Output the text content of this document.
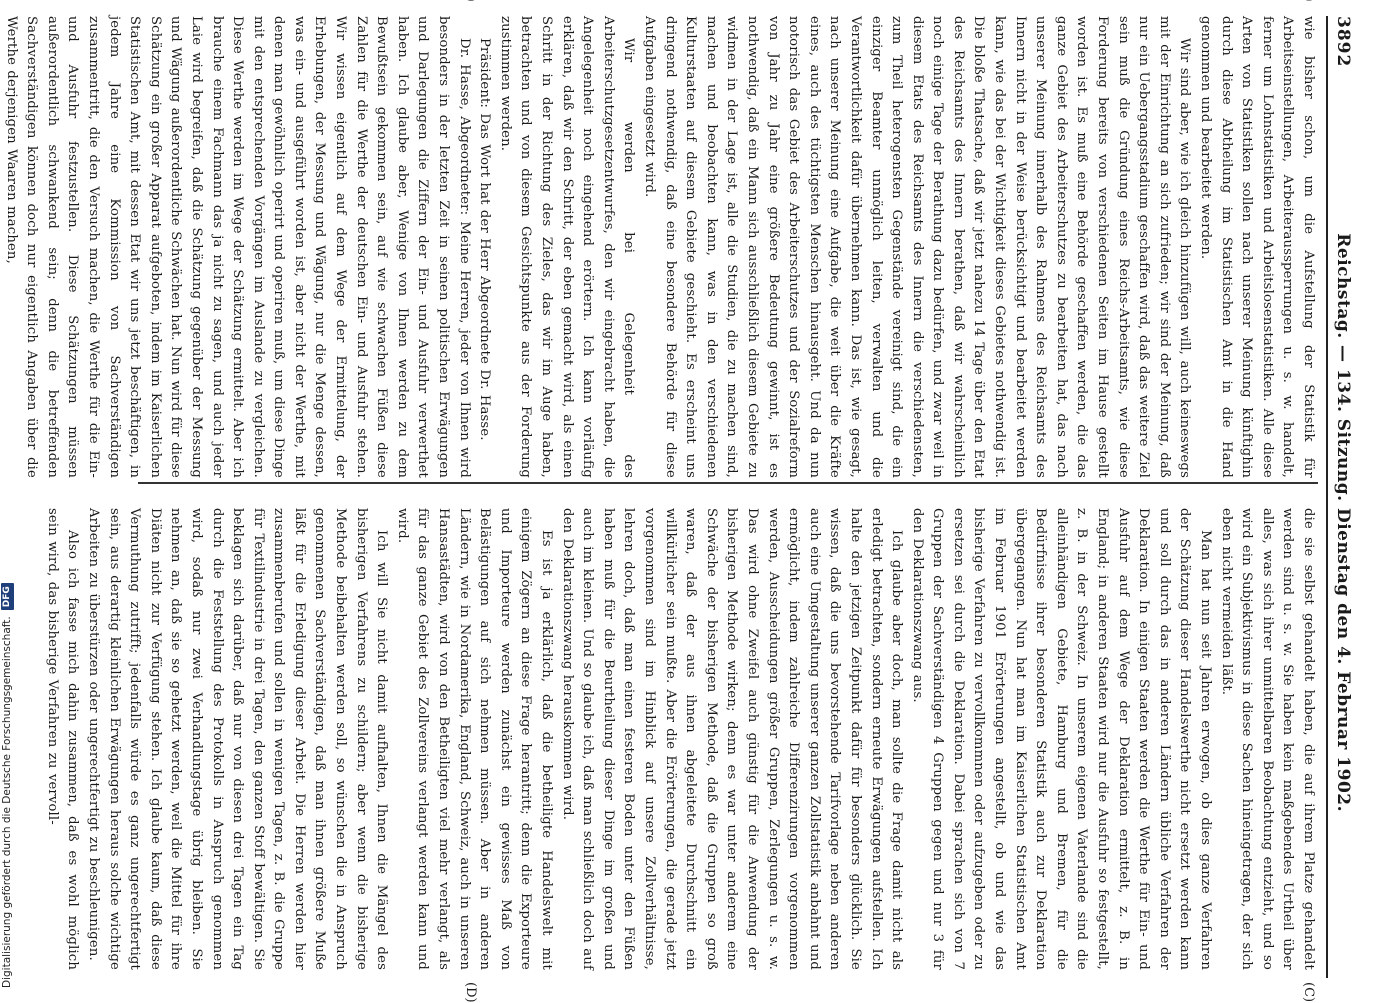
3892
Reichstag. — 134. Sitzung. Dienstag den 4. Februar 1902.
(C)
(D)

wie bisher schon, um die Aufstellung der Statistik für Arbeitseinstellungen, Arbeiteraussperrungen u. s. w. handelt, ferner um Lohnstatistiken und Arbeitslosenstatistiken. Alle diese Arten von Statistiken sollen nach unserer Meinung künftighin durch diese Abtheilung im Statistischen Amt in die Hand genommen und bearbeitet werden.

Wir sind aber, wie ich gleich hinzufügen will, auch keineswegs mit der Einrichtung an sich zufrieden; wir sind der Meinung, daß nur ein Uebergangsstadium geschaffen wird, daß das weitere Ziel sein muß die Gründung eines Reichs-Arbeitsamts, wie diese Forderung bereits von verschiedenen Seiten im Hause gestellt worden ist. Es muß eine Behörde geschaffen werden, die das ganze Gebiet des Arbeiterschutzes zu bearbeiten hat, das nach unserer Meinung innerhalb des Rahmens des Reichsamts des Innern nicht in der Weise berücksichtigt und bearbeitet werden kann, wie das bei der Wichtigkeit dieses Gebietes nothwendig ist. Die bloße Thatsache, daß wir jetzt nahezu 14 Tage über den Etat des Reichsamts des Innern berathen, daß wir wahrscheinlich noch einige Tage der Berathung dazu bedürfen, und zwar weil in diesem Etats des Reichsamts des Innern die verschiedensten, zum Theil heterogensten Gegenstände vereinigt sind, die ein einziger Beamter unmöglich leiten, verwalten und die Verantwortlichkeit dafür übernehmen kann. Das ist, wie gesagt, nach unserer Meinung eine Aufgabe, die weit über die Kräfte eines, auch des tüchtigsten Menschen hinausgeht. Und da nun notorisch das Gebiet des Arbeiterschutzes und der Sozialreform von Jahr zu Jahr eine größere Bedeutung gewinnt, ist es nothwendig, daß ein Mann sich ausschließlich diesem Gebiete zu widmen in der Lage ist, alle die Studien, die zu machen sind, machen und beobachten kann, was in den verschiedenen Kulturstaaten auf diesem Gebiete geschieht. Es erscheint uns dringend nothwendig, daß eine besondere Behörde für diese Aufgaben eingesetzt wird.

Wir werden bei Gelegenheit des Arbeiterschutzgesetzentwurfes, den wir eingebracht haben, die Angelegenheit noch eingehend erörtern. Ich kann vorläufig erklären, daß wir den Schritt, der eben gemacht wird, als einen Schritt in der Richtung des Zieles, das wir im Auge haben, betrachten und von diesem Gesichtspunkte aus der Forderung zustimmen werden.

Präsident: Das Wort hat der Herr Abgeordnete Dr. Hasse.

Dr. Hasse, Abgeordneter: Meine Herren, jeder von Ihnen wird besonders in der letzten Zeit in seinen politischen Erwägungen und Darlegungen die Ziffern der Ein- und Ausfuhr verwerthet haben. Ich glaube aber, Wenige von Ihnen werden zu dem Bewußtsein gekommen sein, auf wie schwachen Füßen diese Zahlen für die Werthe der deutschen Ein- und Ausfuhr stehen. Wir wissen eigentlich auf dem Wege der Ermittelung, der Erhebungen, der Messung und Wägung, nur die Menge dessen, was ein- und ausgeführt worden ist, aber nicht der Werthe, mit denen man gewöhnlich operirt und operiren muß, um diese Dinge mit den entsprechenden Vorgängen im Auslande zu vergleichen. Diese Werthe werden im Wege der Schätzung ermittelt. Aber ich brauche einem Fachmann das ja nicht zu sagen, und auch jeder Laie wird begreifen, daß die Schätzung gegenüber der Messung und Wägung außerordentliche Schwächen hat. Nun wird für diese Schätzung ein großer Apparat aufgeboten, indem im Kaiserlichen Statistischen Amt, mit dessen Etat wir uns jetzt beschäftigen, in jedem Jahre eine Kommission von Sachverständigen zusammentritt, die den Versuch machen, die Werthe für die Ein- und Ausfuhr festzustellen. Diese Schätzungen müssen außerordentlich schwankend sein; denn die betreffenden Sachverständigen können doch nur eigentlich Angaben über die Werthe derjenigen Waaren machen,

die sie selbst gehandelt haben, die auf ihrem Platze gehandelt werden sind u. s. w. Sie haben kein maßgebendes Urtheil über alles, was sich ihrer unmittelbaren Beobachtung entzieht, und so wird ein Subjektivismus in diese Sachen hineingetragen, der sich eben nicht vermeiden läßt.

Man hat nun seit Jahren erwogen, ob dies ganze Verfahren der Schätzung dieser Handelswerthe nicht ersetzt werden kann und soll durch das in anderen Ländern übliche Verfahren der Deklaration. In einigen Staaten werden die Werthe für Ein- und Ausfuhr auf dem Wege der Deklaration ermittelt, z. B. in England; in anderen Staaten wird nur die Ausfuhr so festgestellt, z. B. in der Schweiz. In unserem eigenen Vaterlande sind die alleinhändigen Gebiete, Hamburg und Bremen, für die Bedürfnisse ihrer besonderen Statistik auch zur Deklaration übergegangen. Nun hat man im Kaiserlichen Statistischen Amt im Februar 1901 Erörterungen angestellt, ob und wie das bisherige Verfahren zu vervollkommnen oder aufzugeben oder zu ersetzen sei durch die Deklaration. Dabei sprachen sich von 7 Gruppen der Sachverständigen 4 Gruppen gegen und nur 3 für den Deklarationszwang aus.

Ich glaube aber doch, man sollte die Frage damit nicht als erledigt betrachten, sondern erneute Erwägungen aufstellen. Ich halte den jetzigen Zeitpunkt dafür für besonders glücklich. Sie wissen, daß die uns bevorstehende Tarifvorlage neben anderen auch eine Umgestaltung unserer ganzen Zollstatistik anbahnt und ermöglicht, indem zahlreiche Differenzirungen vorgenommen werden, Ausscheidungen größer Gruppen, Zerlegungen u. s. w. Das wird ohne Zweifel auch günstig für die Anwendung der bisherigen Methode wirken; denn es war unter anderem eine Schwäche der bisherigen Methode, daß die Gruppen so groß waren, daß der aus ihnen abgeleitete Durchschnitt ein willkürlicher sein mußte. Aber die Erörterungen, die gerade jetzt vorgenommen sind im Hinblick auf unsere Zollverhältnisse, lehren doch, daß man einen festeren Boden unter den Füßen haben muß für die Beurtheilung dieser Dinge im großen und auch im kleinen. Und so glaube ich, daß man schließlich doch auf den Deklarationszwang herauskommen wird.

Es ist ja erklärlich, daß die betheiligte Handelswelt mit einigem Zögern an diese Frage herantritt; denn die Exporteure und Importeure werden zunächst ein gewisses Maß von Belästigungen auf sich nehmen müssen. Aber in anderen Ländern, wie in Nordamerika, England, Schweiz, auch in unseren Hansastädten, wird von den Betheiligten viel mehr verlangt, als für das ganze Gebiet des Zollvereins verlangt werden kann und wird.

Ich will Sie nicht damit aufhalten, Ihnen die Mängel des bisherigen Verfahrens zu schildern; aber wenn die bisherige Methode beibehalten werden soll, so wünschen die in Anspruch genommenen Sachverständigen, daß man ihnen größere Muße läßt für die Erledigung dieser Arbeit. Die Herren werden hier zusammenberufen und sollen in wenigen Tagen, z. B. die Gruppe für Textilindustrie in drei Tagen, den ganzen Stoff bewältigen. Sie beklagen sich darüber, daß nur von diesen drei Tagen ein Tag durch die Feststellung des Protokolls in Anspruch genommen wird, sodaß nur zwei Verhandlungstage übrig bleiben. Sie nehmen an, daß sie so gehetzt werden, weil die Mittel für ihre Diäten nicht zur Verfügung stehen. Ich glaube kaum, daß diese Vermuthung zutrifft; jedenfalls würde es ganz ungerechtfertigt sein, aus derartig kleinlichen Erwägungen heraus solche wichtige Arbeiten zu überstürzen oder ungerechtfertigt zu beschleunigen.

Also ich fasse mich dahin zusammen, daß es wohl möglich sein wird, das bisherige Verfahren zu vervoll-

Digitalisierung gefördert durch die Deutsche Forschungsgemeinschaft.
DFG
